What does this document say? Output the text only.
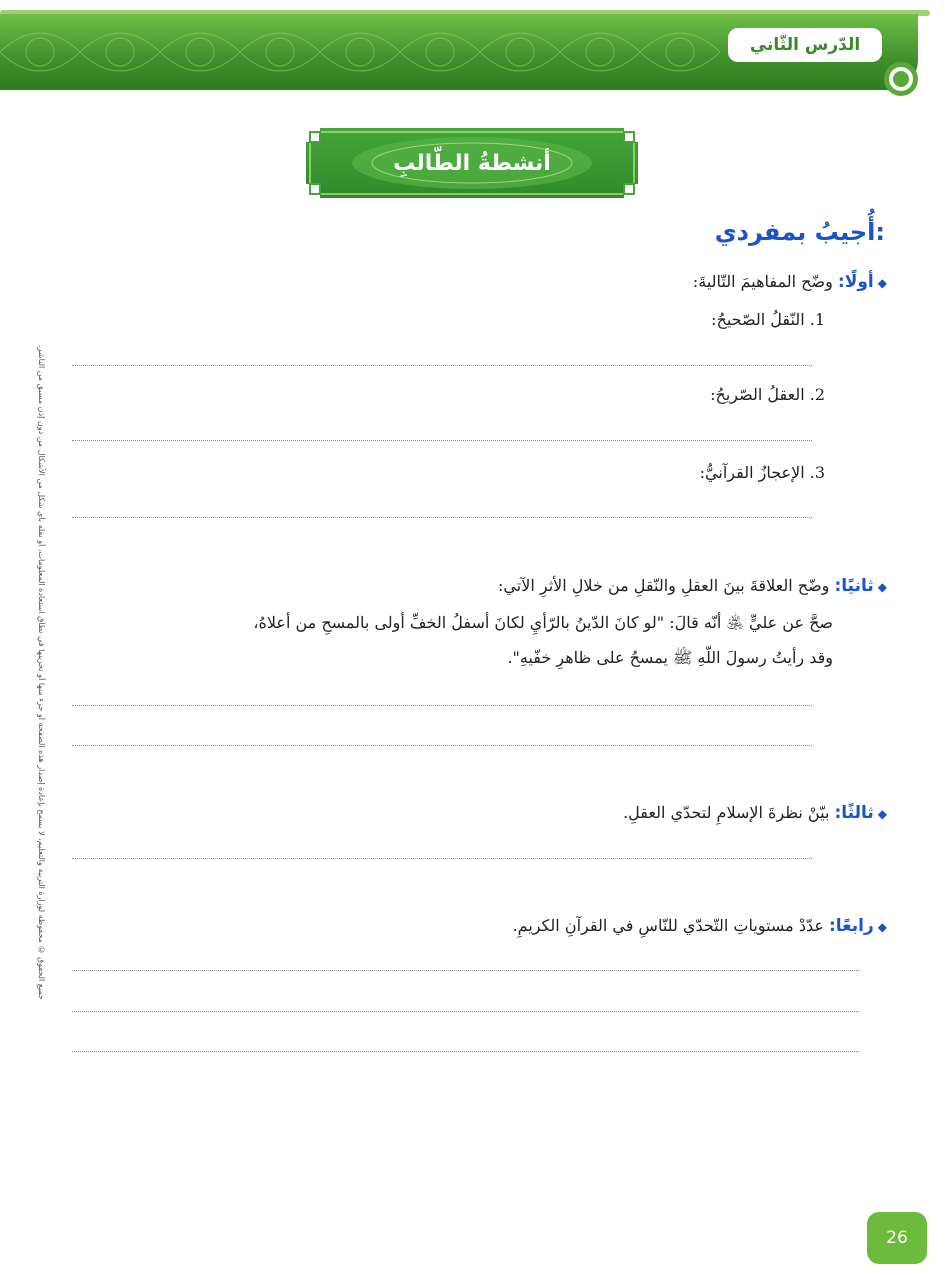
الدّرس الثّاني
أنشطةُ الطّالبِ
أُجيبُ بمفردي:
◆أولًا: وضّح المفاهيمَ التّاليةَ:
1. النّقلُ الصّحيحُ:
2. العقلُ الصّريحُ:
3. الإعجازُ القرآنيُّ:
◆ثانيًا: وضّح العلاقةَ بينَ العقلِ والنّقلِ من خلالِ الأثرِ الآتي:
صحَّ عن عليٍّ ﵁ أنّه قالَ: "لو كانَ الدّينُ بالرّأيِ لكانَ أسفلُ الخفِّ أولى بالمسحِ من أعلاهُ،
وقد رأيتُ رسولَ اللّهِ ﷺ يمسحُ على ظاهرِ خفّيهِ".
◆ثالثًا: بيّنْ نظرةَ الإسلامِ لتحدّي العقلِ.
◆رابعًا: عدّدْ مستوياتِ التّحدّي للنّاسِ في القرآنِ الكريمِ.
جميع الحقوق © محفوظة لوزارة التربية والتعليم، لا يسمح بإعادة إصدار هذه الصفحة أو جزء منها أو تخزينها في نطاق استعادة المعلومات، أو نقله بأي شكل من الأشكال من دون إذن مسبق من الناشر.
26
